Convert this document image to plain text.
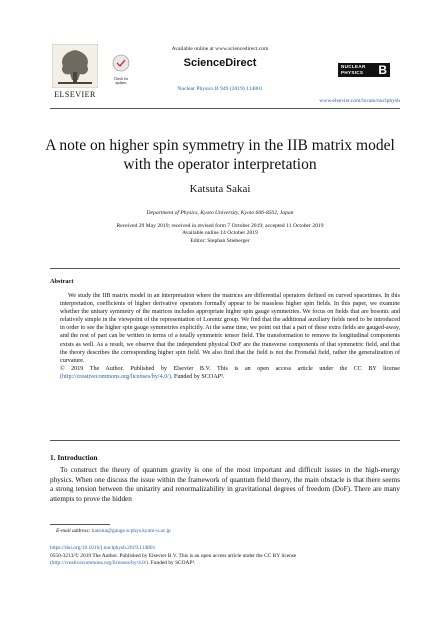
ELSEVIER
Check for updates
Available online at www.sciencedirect.com
ScienceDirect
Nuclear Physics B 949 (2019) 114801
NUCLEAR
PHYSICS B
www.elsevier.com/locate/nuclphysb
A note on higher spin symmetry in the IIB matrix model
with the operator interpretation
Katsuta Sakai
Department of Physics, Kyoto University, Kyoto 606-8502, Japan
Received 29 May 2019; received in revised form 7 October 2019; accepted 11 October 2019
Available online 14 October 2019
Editor: Stephan Stieberger
Abstract
We study the IIB matrix model in an interpretation where the matrices are differential operators defined on curved spacetimes. In this interpretation, coefficients of higher derivative operators formally appear to be massless higher spin fields. In this paper, we examine whether the unitary symmetry of the matrices includes appropriate higher spin gauge symmetries. We focus on fields that are bosonic and relatively simple in the viewpoint of the representation of Lorentz group. We find that the additional auxiliary fields need to be introduced in order to see the higher spin gauge symmetries explicitly. At the same time, we point out that a part of these extra fields are gauged-away, and the rest of part can be written in terms of a totally symmetric tensor field. The transformation to remove its longitudinal components exists as well. As a result, we observe that the independent physical DoF are the transverse components of that symmetric field, and that the theory describes the corresponding higher spin field. We also find that the field is not the Fronsdal field, rather the generalization of curvature.
© 2019 The Author. Published by Elsevier B.V. This is an open access article under the CC BY license (http://creativecommons.org/licenses/by/4.0/). Funded by SCOAP³.
1. Introduction
To construct the theory of quantum gravity is one of the most important and difficult issues in the high-energy physics. When one discuss the issue within the framework of quantum field theory, the main obstacle is that there seems a strong tension between the unitarity and renormalizability in gravitational degrees of freedom (DoF). There are many attempts to prove the hidden
E-mail address: katsuta@gauge.scphys.kyoto-u.ac.jp
https://doi.org/10.1016/j.nuclphysb.2019.114801
0550-3213/© 2019 The Author. Published by Elsevier B.V. This is an open access article under the CC BY license
(http://creativecommons.org/licenses/by/4.0/). Funded by SCOAP³.
